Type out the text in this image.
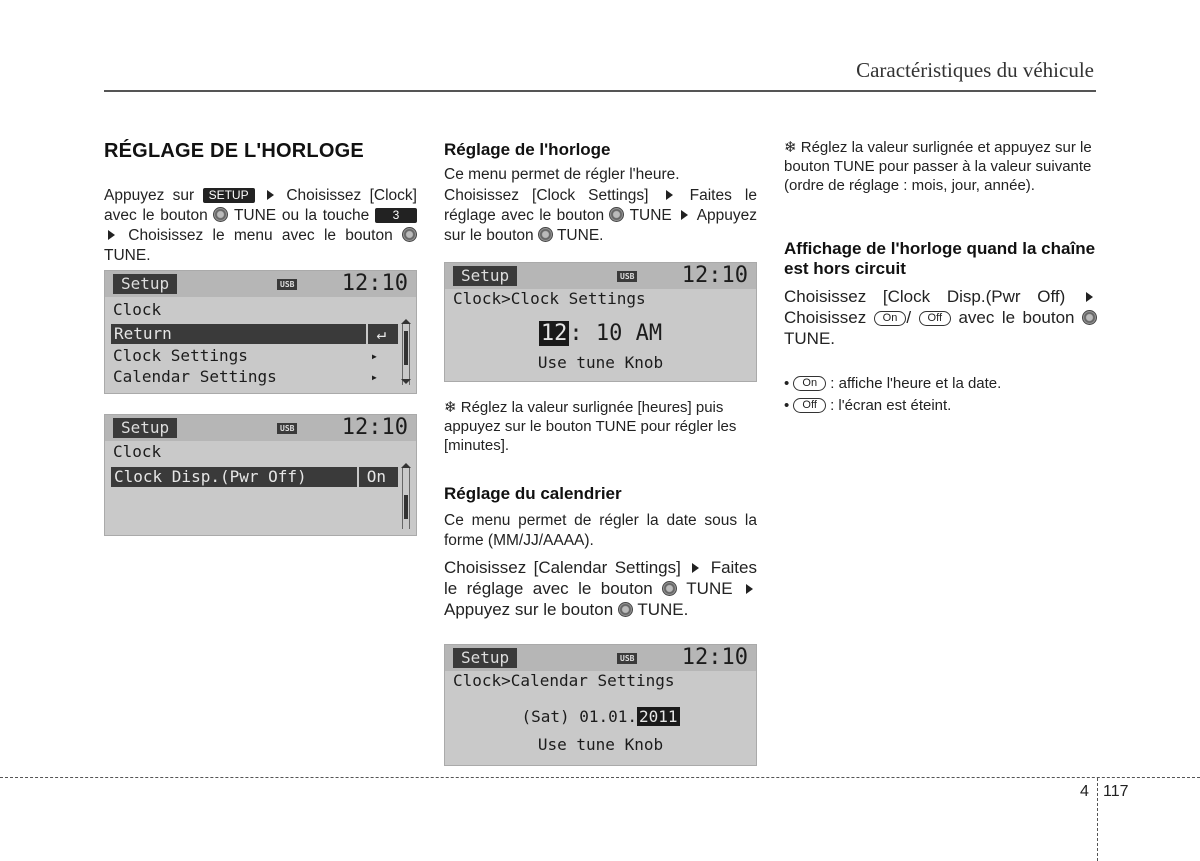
Caractéristiques du véhicule
RÉGLAGE DE L'HORLOGE
Appuyez sur SETUP Choisissez [Clock] avec le bouton TUNE ou la touche 3  Choisissez le menu avec le bouton  TUNE.
Setup	USB 12:10
Clock
Return	↵
Clock Settings	▸
Calendar Settings	▸
Setup	USB 12:10
Clock
Clock Disp.(Pwr Off)	On
Réglage de l'horloge
Ce menu permet de régler l'heure.
Choisissez [Clock Settings]	Faites le réglage avec le bouton TUNE Appuyez sur le bouton TUNE.
Setup	USB 12:10
Clock>Clock Settings
12: 10 AM
Use tune Knob
❄ Réglez la valeur surlignée [heures] puis appuyez sur le bouton TUNE pour régler les [minutes].
Réglage du calendrier
Ce menu permet de régler la date sous la forme (MM/JJ/AAAA).
Choisissez [Calendar Settings] Faites le réglage avec le bouton TUNE  Appuyez sur le bouton TUNE.
Setup	USB 12:10
Clock>Calendar Settings
(Sat) 01.01. 2011
Use tune Knob
❄ Réglez la valeur surlignée et appuyez sur le bouton TUNE pour passer à la valeur suivante (ordre de réglage : mois, jour, année).
Affichage de l'horloge quand la chaîne est hors circuit
Choisissez [Clock Disp.(Pwr Off)  Choisissez On / Off avec le bouton  TUNE.
• On : affiche l'heure et la date.
• Off : l'écran est éteint.
4 117
